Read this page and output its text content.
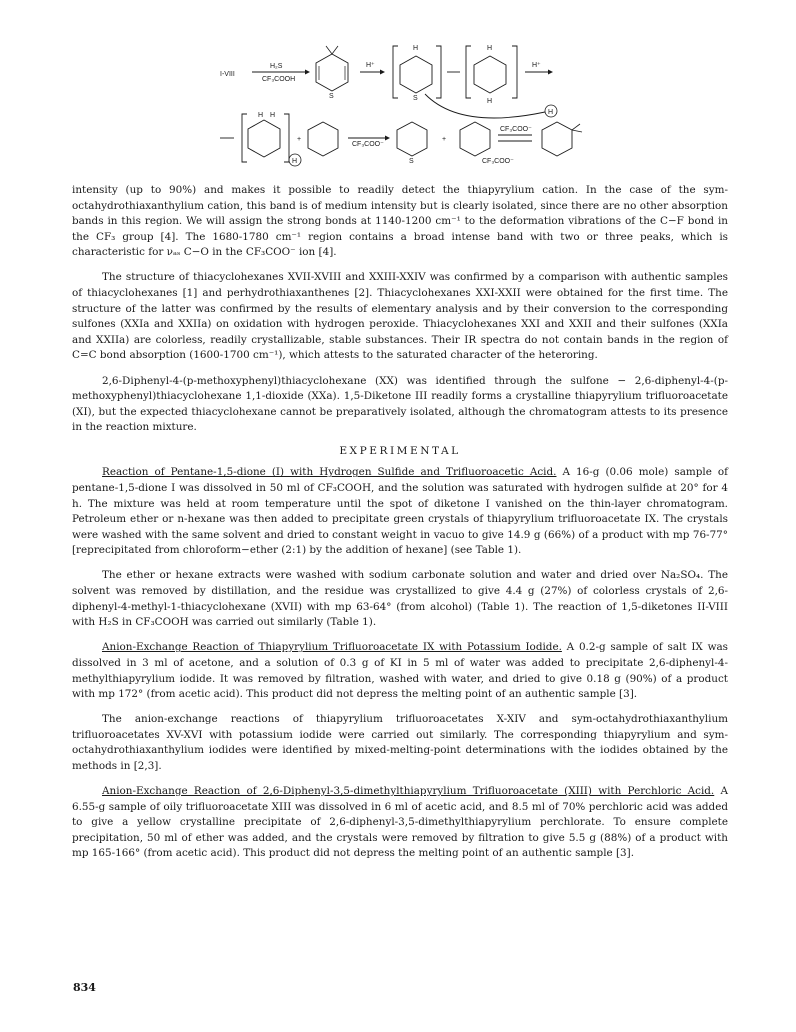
I-VIII
H₂S
CF₃COOH
S
H⁺
H
S
H
H
H⁺
H
H H
H
+
CF₃COO⁻
S
+
CF₃COO⁻
CF₃COO⁻

intensity (up to 90%) and makes it possible to readily detect the thiapyrylium cation. In the case of the sym-octahydrothiaxanthylium cation, this band is of medium intensity but is clearly isolated, since there are no other absorption bands in this region. We will assign the strong bonds at 1140-1200 cm⁻¹ to the deformation vibrations of the C−F bond in the CF₃ group [4]. The 1680-1780 cm⁻¹ region contains a broad intense band with two or three peaks, which is characteristic for νₐₛ C−O in the CF₃COO⁻ ion [4].

The structure of thiacyclohexanes XVII-XVIII and XXIII-XXIV was confirmed by a comparison with authentic samples of thiacyclohexanes [1] and perhydrothiaxanthenes [2]. Thiacyclohexanes XXI-XXII were obtained for the first time. The structure of the latter was confirmed by the results of elementary analysis and by their conversion to the corresponding sulfones (XXIa and XXIIa) on oxidation with hydrogen peroxide. Thiacyclohexanes XXI and XXII and their sulfones (XXIa and XXIIa) are colorless, readily crystallizable, stable substances. Their IR spectra do not contain bands in the region of C=C bond absorption (1600-1700 cm⁻¹), which attests to the saturated character of the heteroring.

2,6-Diphenyl-4-(p-methoxyphenyl)thiacyclohexane (XX) was identified through the sulfone − 2,6-diphenyl-4-(p-methoxyphenyl)thiacyclohexane 1,1-dioxide (XXa). 1,5-Diketone III readily forms a crystalline thiapyrylium trifluoroacetate (XI), but the expected thiacyclohexane cannot be preparatively isolated, although the chromatogram attests to its presence in the reaction mixture.

EXPERIMENTAL

Reaction of Pentane-1,5-dione (I) with Hydrogen Sulfide and Trifluoroacetic Acid. A 16-g (0.06 mole) sample of pentane-1,5-dione I was dissolved in 50 ml of CF₃COOH, and the solution was saturated with hydrogen sulfide at 20° for 4 h. The mixture was held at room temperature until the spot of diketone I vanished on the thin-layer chromatogram. Petroleum ether or n-hexane was then added to precipitate green crystals of thiapyrylium trifluoroacetate IX. The crystals were washed with the same solvent and dried to constant weight in vacuo to give 14.9 g (66%) of a product with mp 76-77° [reprecipitated from chloroform−ether (2:1) by the addition of hexane] (see Table 1).

The ether or hexane extracts were washed with sodium carbonate solution and water and dried over Na₂SO₄. The solvent was removed by distillation, and the residue was crystallized to give 4.4 g (27%) of colorless crystals of 2,6-diphenyl-4-methyl-1-thiacyclohexane (XVII) with mp 63-64° (from alcohol) (Table 1). The reaction of 1,5-diketones II-VIII with H₂S in CF₃COOH was carried out similarly (Table 1).

Anion-Exchange Reaction of Thiapyrylium Trifluoroacetate IX with Potassium Iodide. A 0.2-g sample of salt IX was dissolved in 3 ml of acetone, and a solution of 0.3 g of KI in 5 ml of water was added to precipitate 2,6-diphenyl-4-methylthiapyrylium iodide. It was removed by filtration, washed with water, and dried to give 0.18 g (90%) of a product with mp 172° (from acetic acid). This product did not depress the melting point of an authentic sample [3].

The anion-exchange reactions of thiapyrylium trifluoroacetates X-XIV and sym-octahydrothiaxanthylium trifluoroacetates XV-XVI with potassium iodide were carried out similarly. The corresponding thiapyrylium and sym-octahydrothiaxanthylium iodides were identified by mixed-melting-point determinations with the iodides obtained by the methods in [2,3].

Anion-Exchange Reaction of 2,6-Diphenyl-3,5-dimethylthiapyrylium Trifluoroacetate (XIII) with Perchloric Acid. A 6.55-g sample of oily trifluoroacetate XIII was dissolved in 6 ml of acetic acid, and 8.5 ml of 70% perchloric acid was added to give a yellow crystalline precipitate of 2,6-diphenyl-3,5-dimethylthiapyrylium perchlorate. To ensure complete precipitation, 50 ml of ether was added, and the crystals were removed by filtration to give 5.5 g (88%) of a product with mp 165-166° (from acetic acid). This product did not depress the melting point of an authentic sample [3].

834
